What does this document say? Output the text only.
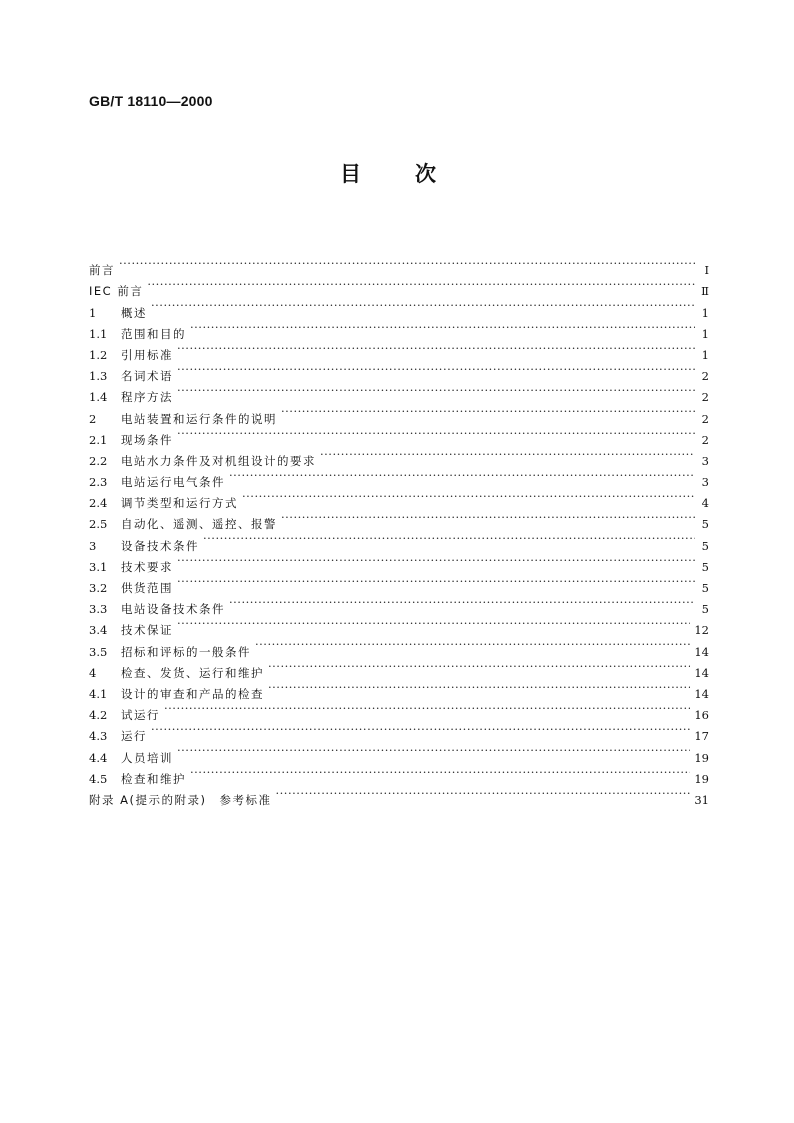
GB/T 18110—2000
目次
前言 ·····	Ⅰ
IEC 前言 ·····	Ⅱ
1	概述 ·····	1
1.1	范围和目的 ·····	1
1.2	引用标准 ·····	1
1.3	名词术语 ·····	2
1.4	程序方法 ·····	2
2	电站装置和运行条件的说明 ·····	2
2.1	现场条件 ·····	2
2.2	电站水力条件及对机组设计的要求 ·····	3
2.3	电站运行电气条件 ·····	3
2.4	调节类型和运行方式 ·····	4
2.5	自动化、遥测、遥控、报警 ·····	5
3	设备技术条件 ·····	5
3.1	技术要求 ·····	5
3.2	供货范围 ·····	5
3.3	电站设备技术条件 ·····	5
3.4	技术保证 ·····	12
3.5	招标和评标的一般条件 ·····	14
4	检查、发货、运行和维护 ·····	14
4.1	设计的审查和产品的检查 ·····	14
4.2	试运行 ·····	16
4.3	运行 ·····	17
4.4	人员培训 ·····	19
4.5	检查和维护 ·····	19
附录 A(提示的附录)　参考标准 ·····	31
